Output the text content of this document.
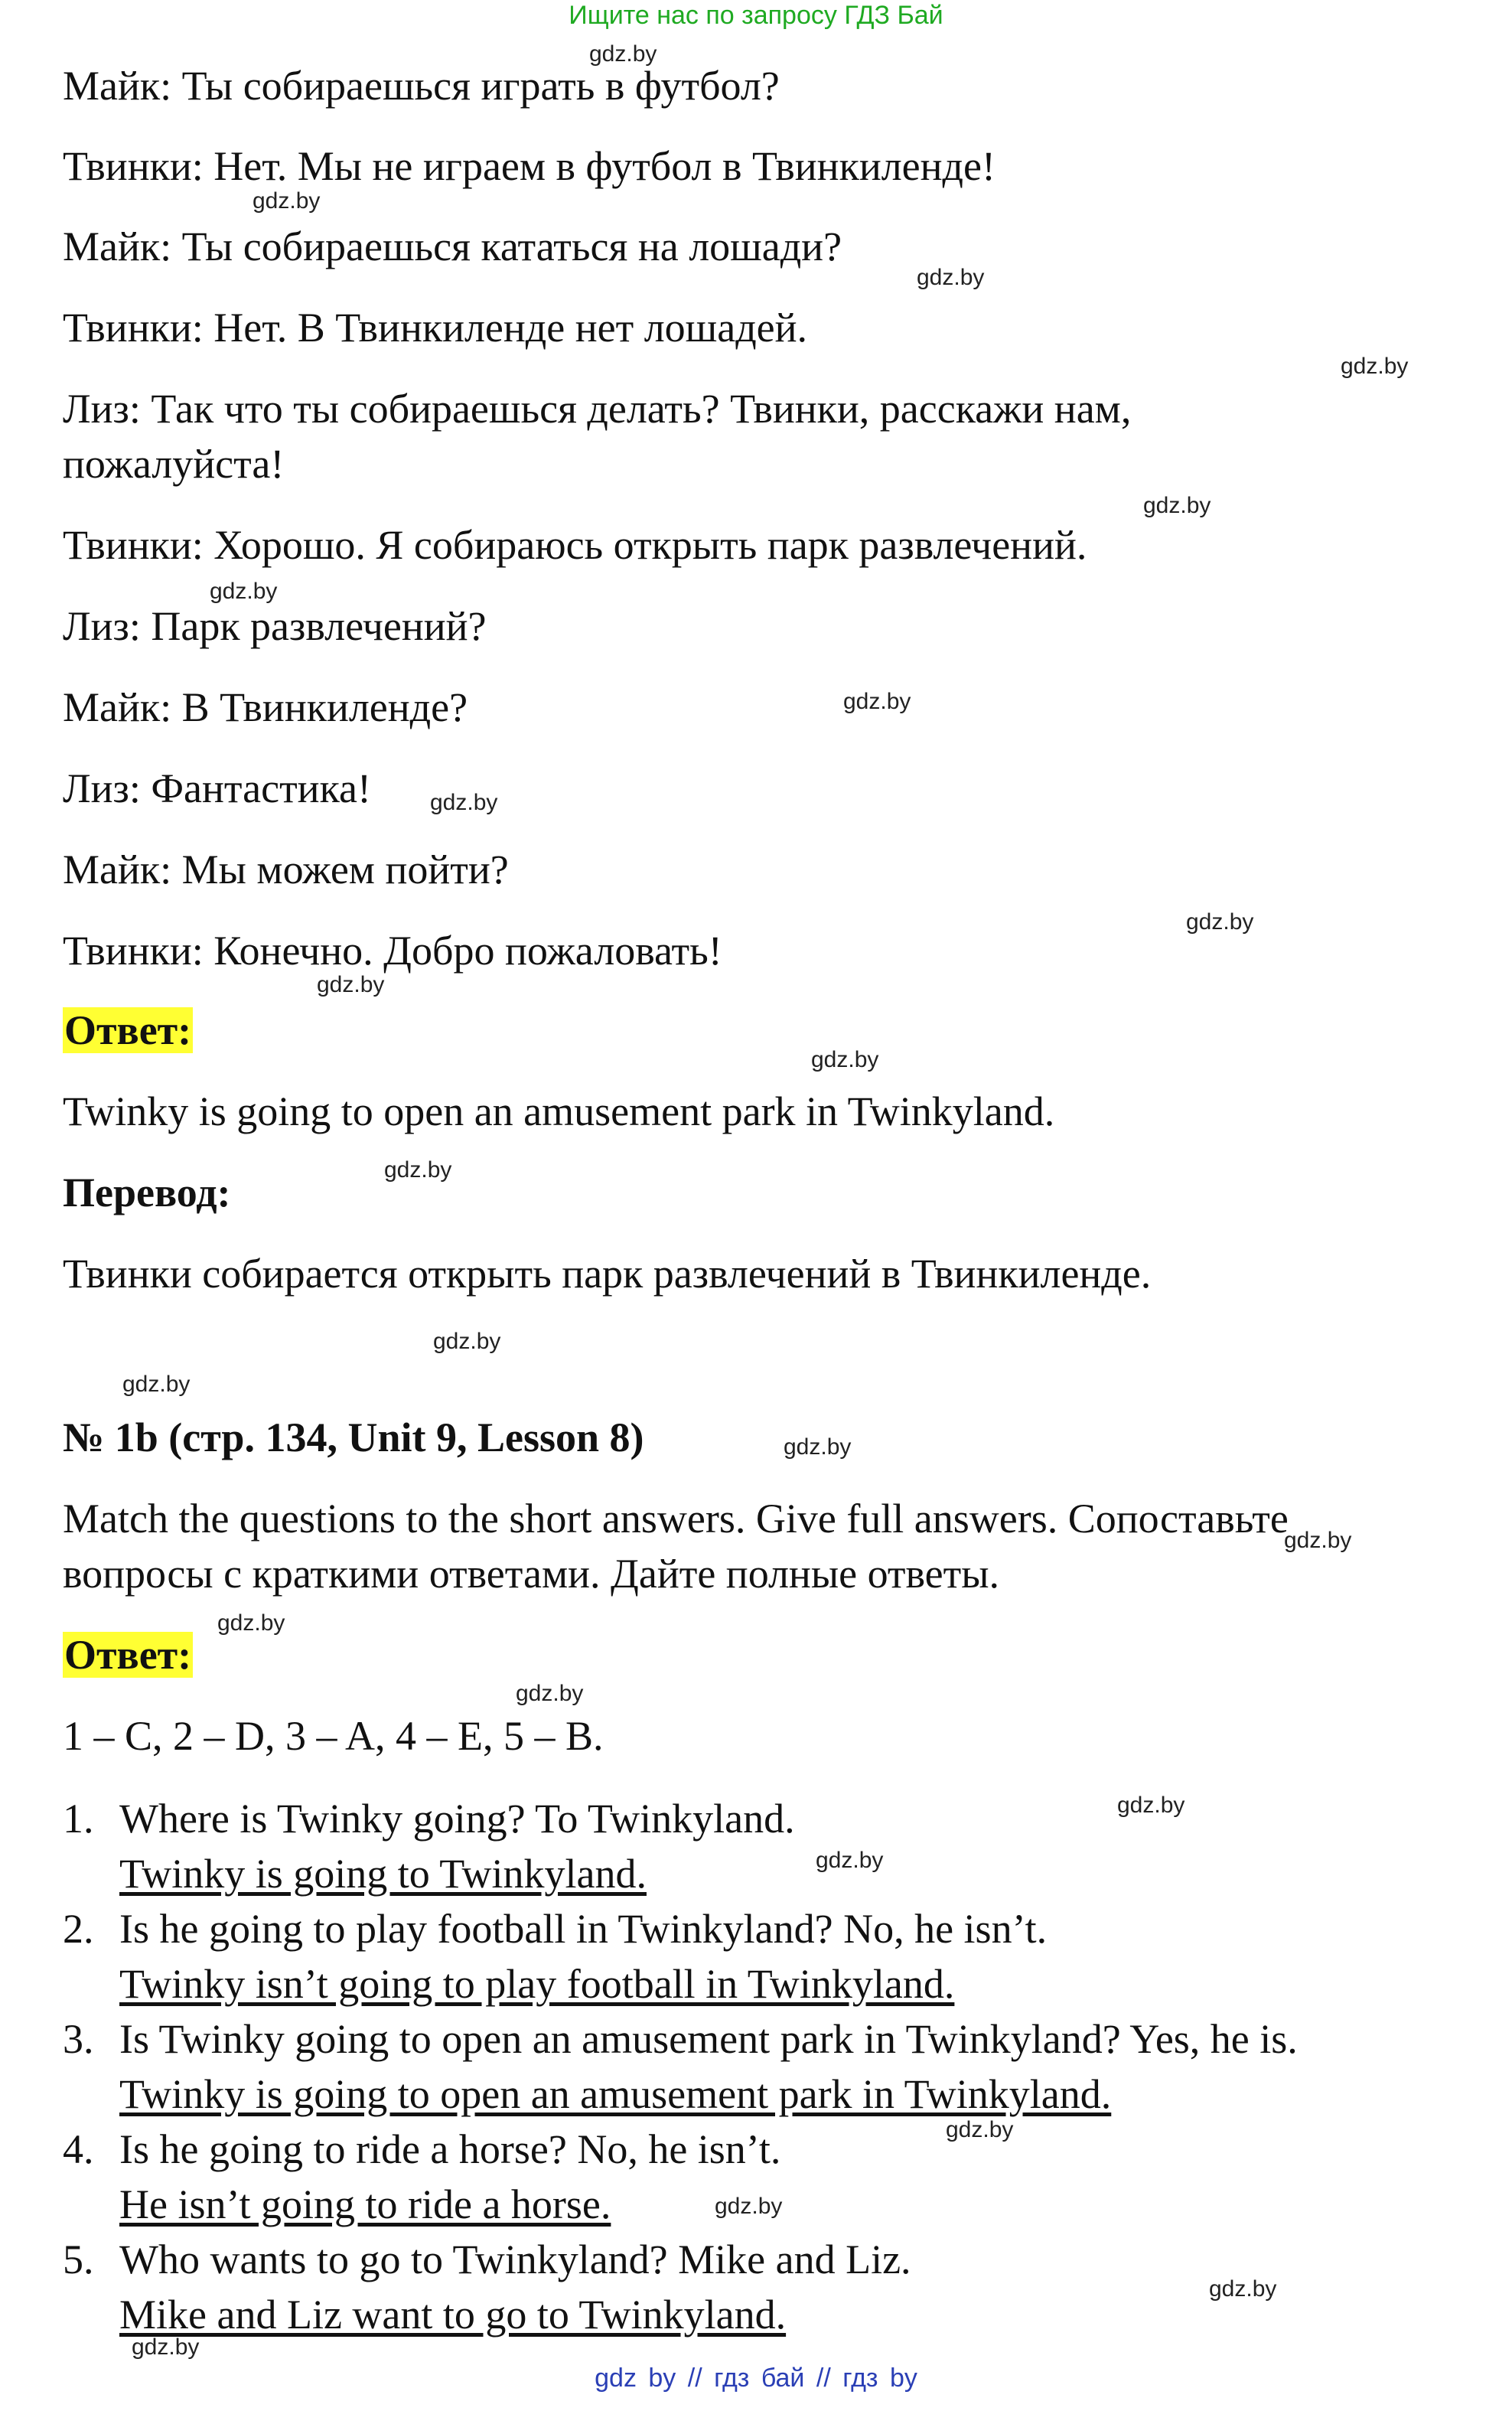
Ищите нас по запросу ГДЗ Бай
Майк: Ты собираешься играть в футбол?
Твинки: Нет. Мы не играем в футбол в Твинкиленде!
Майк: Ты собираешься кататься на лошади?
Твинки: Нет. В Твинкиленде нет лошадей.
Лиз: Так что ты собираешься делать? Твинки, расскажи нам,
пожалуйста!
Твинки: Хорошо. Я собираюсь открыть парк развлечений.
Лиз: Парк развлечений?
Майк: В Твинкиленде?
Лиз: Фантастика!
Майк: Мы можем пойти?
Твинки: Конечно. Добро пожаловать!
Ответ:
Twinky is going to open an amusement park in Twinkyland.
Перевод:
Твинки собирается открыть парк развлечений в Твинкиленде.
№ 1b (стр. 134, Unit 9, Lesson 8)
Match the questions to the short answers. Give full answers. Сопоставьте
вопросы с краткими ответами. Дайте полные ответы.
Ответ:
1 – C, 2 – D, 3 – A, 4 – E, 5 – B.
1. Where is Twinky going? To Twinkyland.
Twinky is going to Twinkyland.
2. Is he going to play football in Twinkyland? No, he isn’t.
Twinky isn’t going to play football in Twinkyland.
3. Is Twinky going to open an amusement park in Twinkyland? Yes, he is.
Twinky is going to open an amusement park in Twinkyland.
4. Is he going to ride a horse? No, he isn’t.
He isn’t going to ride a horse.
5. Who wants to go to Twinkyland? Mike and Liz.
Mike and Liz want to go to Twinkyland.
gdz.by
gdz.by
gdz.by
gdz.by
gdz.by
gdz.by
gdz.by
gdz.by
gdz.by
gdz.by
gdz.by
gdz.by
gdz.by
gdz.by
gdz.by
gdz.by
gdz.by
gdz.by
gdz.by
gdz.by
gdz.by
gdz.by
gdz.by
gdz.by
gdz by // гдз бай // гдз by
